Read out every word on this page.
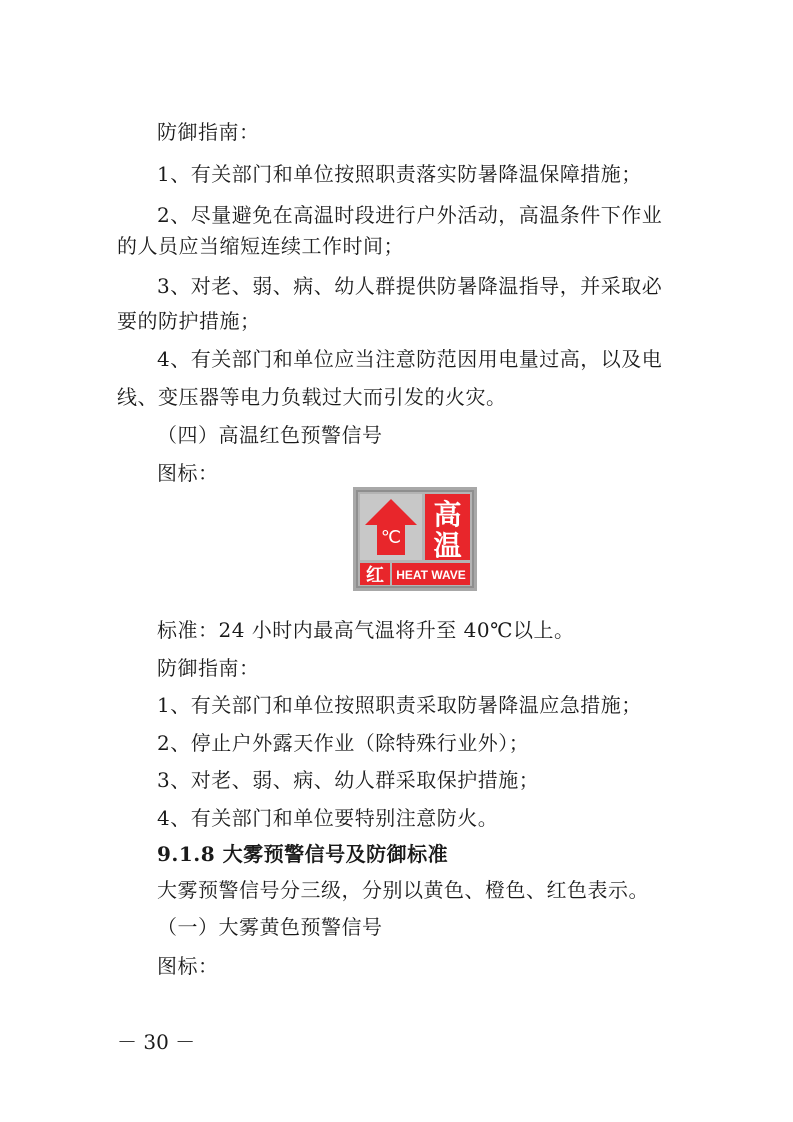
防御指南：
1、有关部门和单位按照职责落实防暑降温保障措施；
2、尽量避免在高温时段进行户外活动，高温条件下作业
的人员应当缩短连续工作时间；
3、对老、弱、病、幼人群提供防暑降温指导，并采取必
要的防护措施；
4、有关部门和单位应当注意防范因用电量过高，以及电
线、变压器等电力负载过大而引发的火灾。
（四）高温红色预警信号
图标：
℃
高
温
红 HEAT WAVE
标准：24 小时内最高气温将升至 40℃以上。
防御指南：
1、有关部门和单位按照职责采取防暑降温应急措施；
2、停止户外露天作业（除特殊行业外）；
3、对老、弱、病、幼人群采取保护措施；
4、有关部门和单位要特别注意防火。
9.1.8 大雾预警信号及防御标准
大雾预警信号分三级，分别以黄色、橙色、红色表示。
（一）大雾黄色预警信号
图标：
－ 30 －
